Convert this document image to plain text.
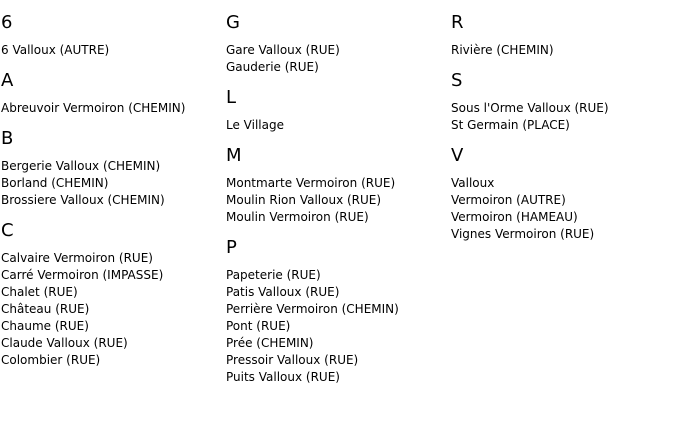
6
6 Valloux (AUTRE)
A
Abreuvoir Vermoiron (CHEMIN)
B
Bergerie Valloux (CHEMIN)
Borland (CHEMIN)
Brossiere Valloux (CHEMIN)
C
Calvaire Vermoiron (RUE)
Carré Vermoiron (IMPASSE)
Chalet (RUE)
Château (RUE)
Chaume (RUE)
Claude Valloux (RUE)
Colombier (RUE)
G
Gare Valloux (RUE)
Gauderie (RUE)
L
Le Village
M
Montmarte Vermoiron (RUE)
Moulin Rion Valloux (RUE)
Moulin Vermoiron (RUE)
P
Papeterie (RUE)
Patis Valloux (RUE)
Perrière Vermoiron (CHEMIN)
Pont (RUE)
Prée (CHEMIN)
Pressoir Valloux (RUE)
Puits Valloux (RUE)
R
Rivière (CHEMIN)
S
Sous l'Orme Valloux (RUE)
St Germain (PLACE)
V
Valloux
Vermoiron (AUTRE)
Vermoiron (HAMEAU)
Vignes Vermoiron (RUE)
